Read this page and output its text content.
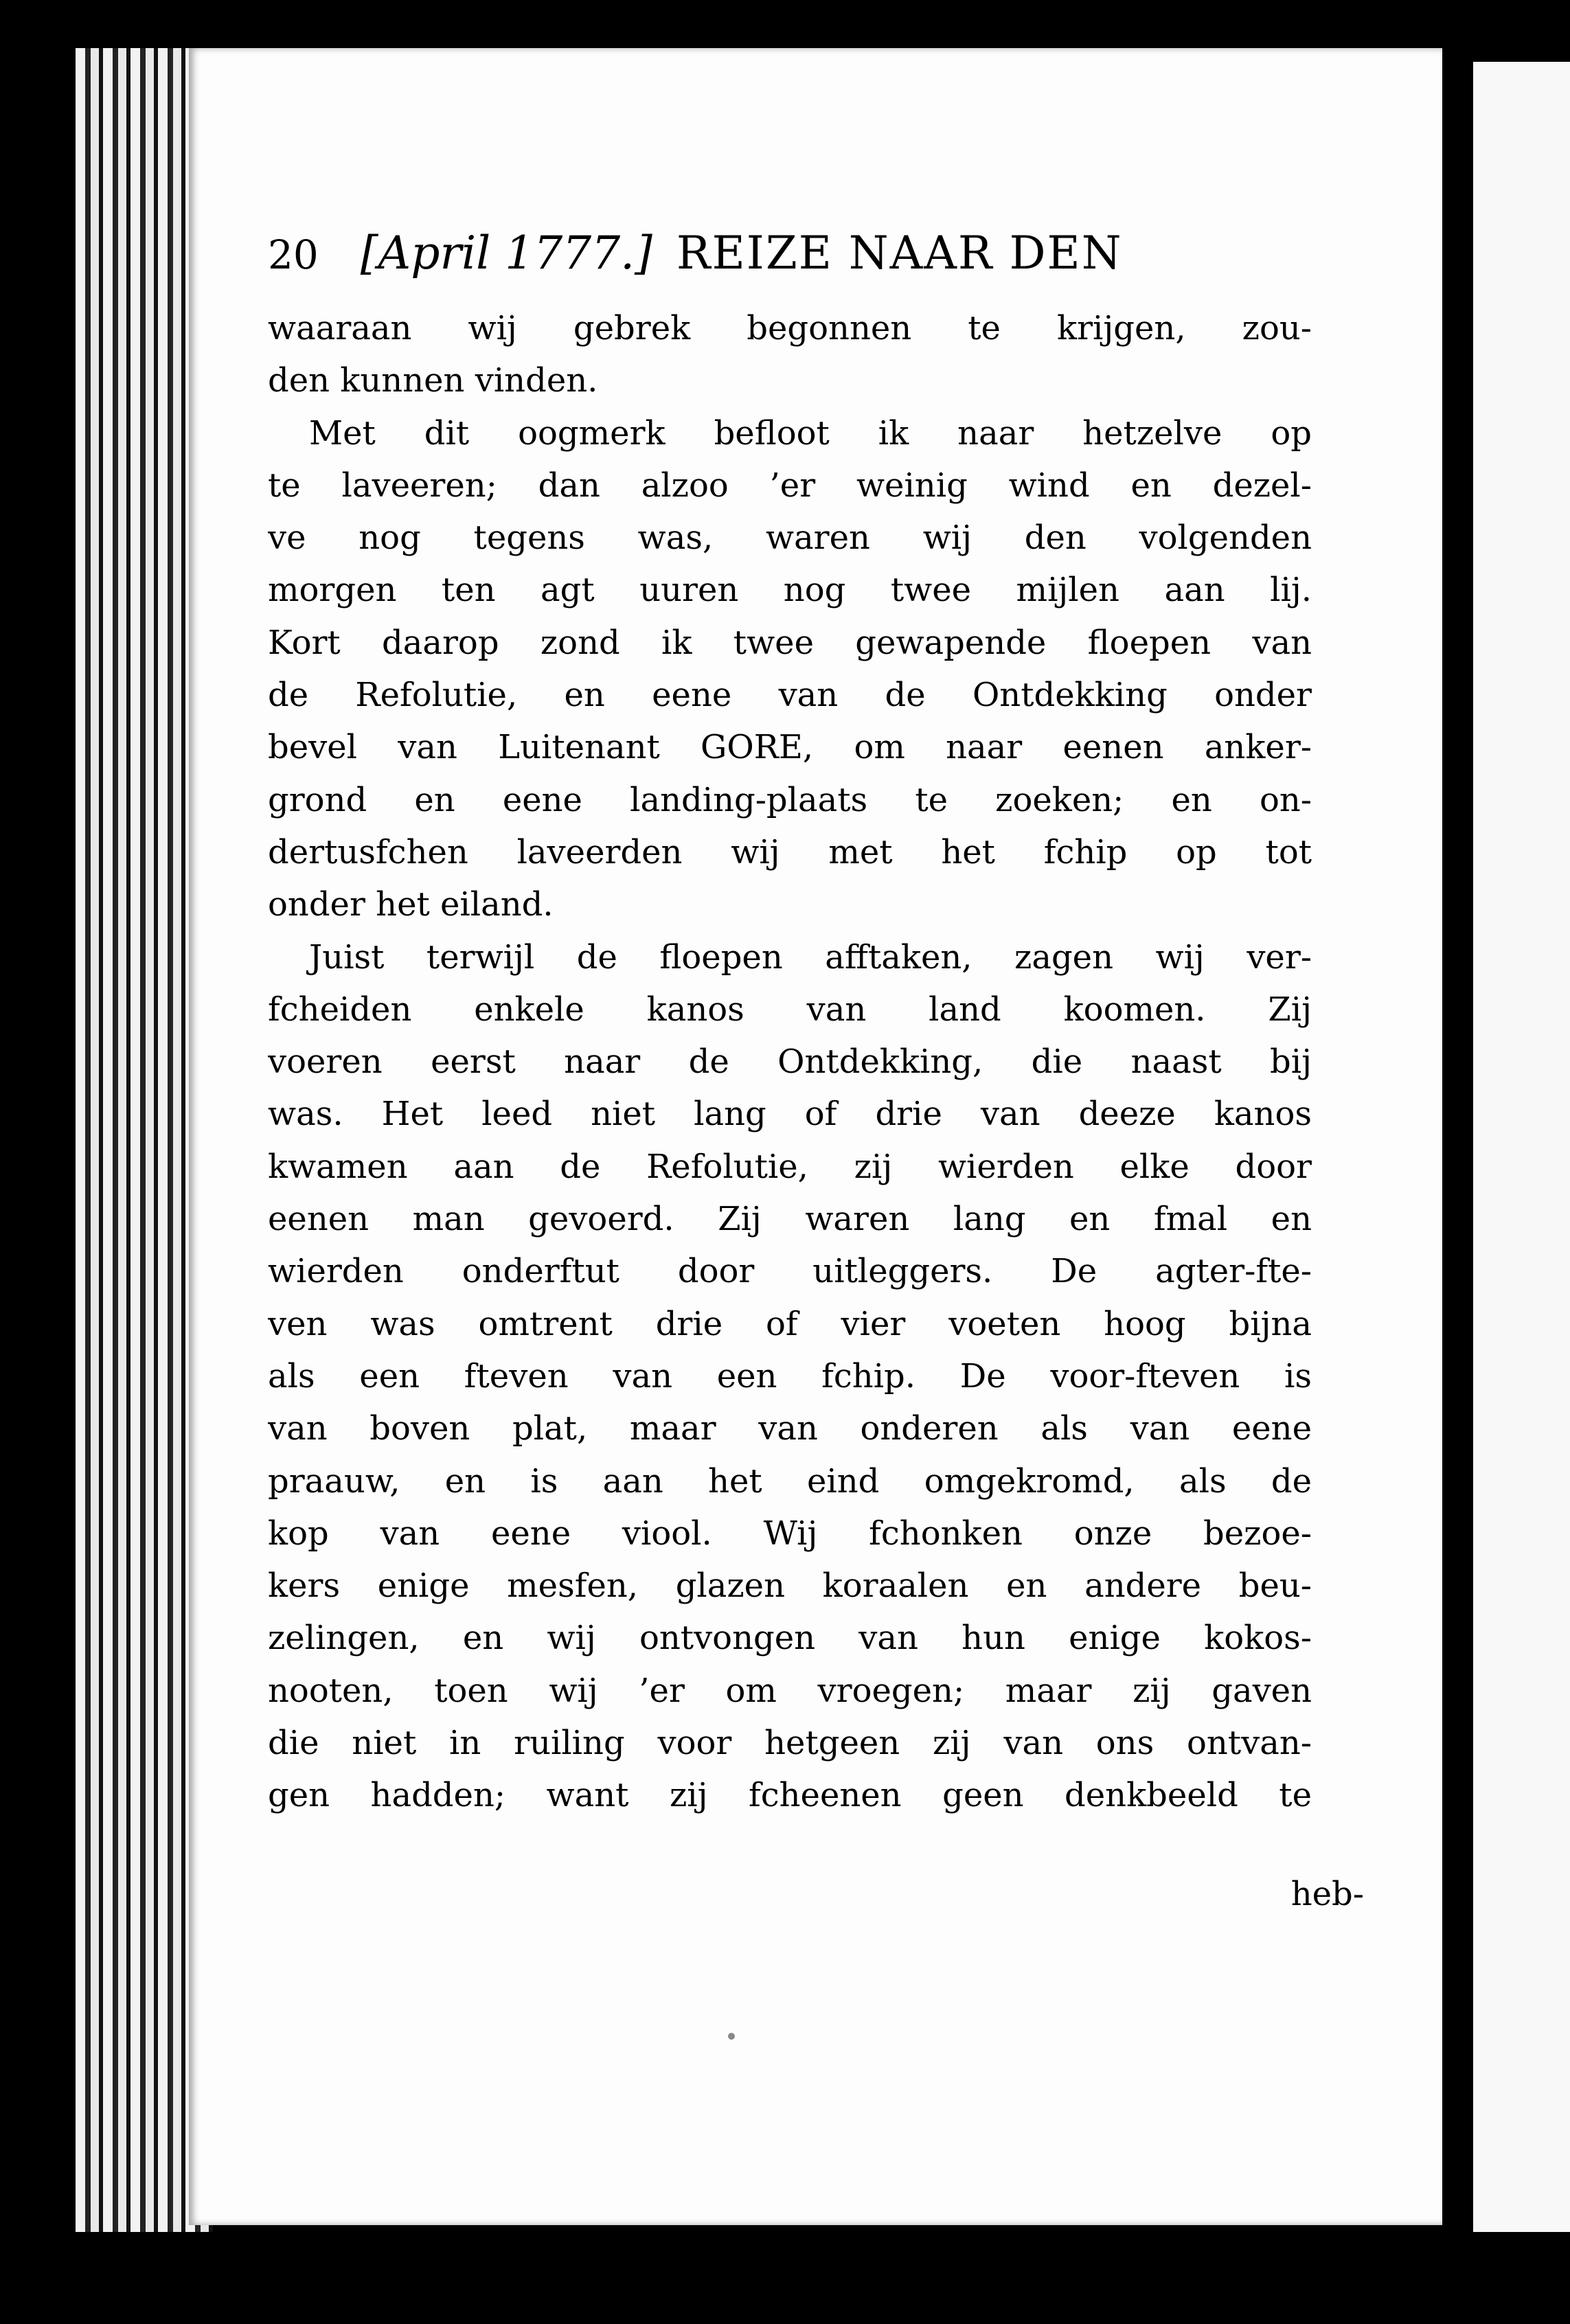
20 [April 1777.] REIZE NAAR DEN
waaraan wij gebrek begonnen te krijgen, zou-
den kunnen vinden.
Met dit oogmerk befloot ik naar hetzelve op
te laveeren; dan alzoo ’er weinig wind en dezel-
ve nog tegens was, waren wij den volgenden
morgen ten agt uuren nog twee mijlen aan lij.
Kort daarop zond ik twee gewapende floepen van
de Refolutie, en eene van de Ontdekking onder
bevel van Luitenant GORE, om naar eenen anker-
grond en eene landing-plaats te zoeken; en on-
dertusfchen laveerden wij met het fchip op tot
onder het eiland.
Juist terwijl de floepen afftaken, zagen wij ver-
fcheiden enkele kanos van land koomen. Zij
voeren eerst naar de Ontdekking, die naast bij
was. Het leed niet lang of drie van deeze kanos
kwamen aan de Refolutie, zij wierden elke door
eenen man gevoerd. Zij waren lang en fmal en
wierden onderftut door uitleggers. De agter-fte-
ven was omtrent drie of vier voeten hoog bijna
als een fteven van een fchip. De voor-fteven is
van boven plat, maar van onderen als van eene
praauw, en is aan het eind omgekromd, als de
kop van eene viool. Wij fchonken onze bezoe-
kers enige mesfen, glazen koraalen en andere beu-
zelingen, en wij ontvongen van hun enige kokos-
nooten, toen wij ’er om vroegen; maar zij gaven
die niet in ruiling voor hetgeen zij van ons ontvan-
gen hadden; want zij fcheenen geen denkbeeld te
heb-
